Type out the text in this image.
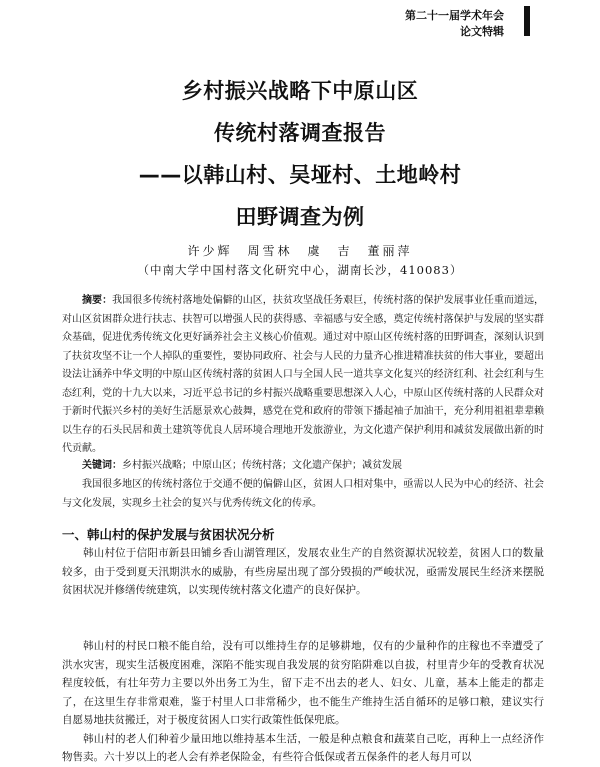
第二十一届学术年会
论文特辑
乡村振兴战略下中原山区
传统村落调查报告
——以韩山村、吴垭村、土地岭村
田野调查为例
许少辉　周雪林　虞　吉　董丽萍
（中南大学中国村落文化研究中心，湖南长沙，410083）
摘要：我国很多传统村落地处偏僻的山区，扶贫攻坚战任务艰巨，传统村落的保护发展事业任重而道远，对山区贫困群众进行扶志、扶智可以增强人民的获得感、幸福感与安全感，奠定传统村落保护与发展的坚实群众基础，促进优秀传统文化更好涵养社会主义核心价值观。通过对中原山区传统村落的田野调查，深刻认识到了扶贫攻坚不让一个人掉队的重要性，要协同政府、社会与人民的力量齐心推进精准扶贫的伟大事业，要超出设法让涵养中华文明的中原山区传统村落的贫困人口与全国人民一道共享文化复兴的经济红利、社会红利与生态红利，党的十九大以来，习近平总书记的乡村振兴战略重要思想深入人心，中原山区传统村落的人民群众对于新时代振兴乡村的美好生活愿景欢心鼓舞，感党在党和政府的带领下播起袖子加油干，充分利用祖祖辈辈赖以生存的石头民居和黄土建筑等优良人居环境合理地开发旅游业，为文化遗产保护利用和减贫发展做出新的时代贡献。
关键词：乡村振兴战略；中原山区；传统村落；文化遗产保护；减贫发展
我国很多地区的传统村落位于交通不便的偏僻山区，贫困人口相对集中，亟需以人民为中心的经济、社会与文化发展，实现乡土社会的复兴与优秀传统文化的传承。
一、韩山村的保护发展与贫困状况分析
韩山村位于信阳市新县田铺乡香山湖管理区，发展农业生产的自然资源状况较差，贫困人口的数量较多，由于受到夏天汛期洪水的威胁，有些房屋出现了部分毁损的严峻状况，亟需发展民生经济来摆脱贫困状况并修缮传统建筑，以实现传统村落文化遗产的良好保护。
韩山村的村民口粮不能自给，没有可以维持生存的足够耕地，仅有的少量种作的庄稼也不幸遭受了洪水灾害，现实生活极度困难，深陷不能实现自我发展的贫穷陷阱难以自拔，村里青少年的受教育状况程度较低，有壮年劳力主要以外出务工为生，留下走不出去的老人、妇女、儿童，基本上能走的都走了，在这里生存非常艰难，鉴于村里人口非常稀少，也不能生产维持生活自循环的足够口粮，建议实行自愿易地扶贫搬迁，对于极度贫困人口实行政策性低保兜底。
韩山村的老人们种着少量田地以维持基本生活，一般是种点粮食和蔬菜自己吃，再种上一点经济作物售卖。六十岁以上的老人会有养老保险金，有些符合低保或者五保条件的老人每月可以
